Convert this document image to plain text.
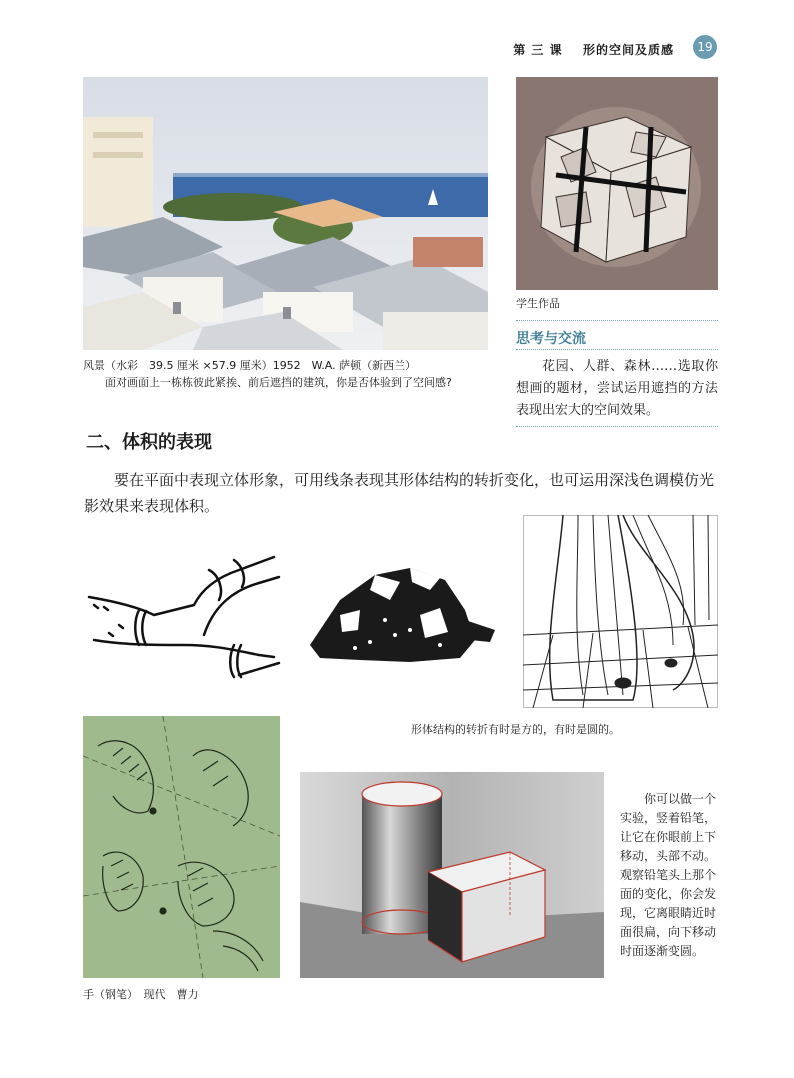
第 三 课 形的空间及质感	19
风景（水彩　39.5 厘米 ×57.9 厘米）1952　W.A. 萨顿（新西兰）
面对画面上一栋栋彼此紧挨、前后遮挡的建筑，你是否体验到了空间感?
学生作品
思考与交流
花园、人群、森林……选取你想画的题材，尝试运用遮挡的方法表现出宏大的空间效果。
二、体积的表现
要在平面中表现立体形象，可用线条表现其形体结构的转折变化，也可运用深浅色调模仿光影效果来表现体积。
形体结构的转折有时是方的，有时是圆的。
手（钢笔）　现代　曹力
你可以做一个实验，竖着铅笔，让它在你眼前上下移动，头部不动。观察铅笔头上那个面的变化，你会发现，它离眼睛近时面很扁，向下移动时面逐渐变圆。
